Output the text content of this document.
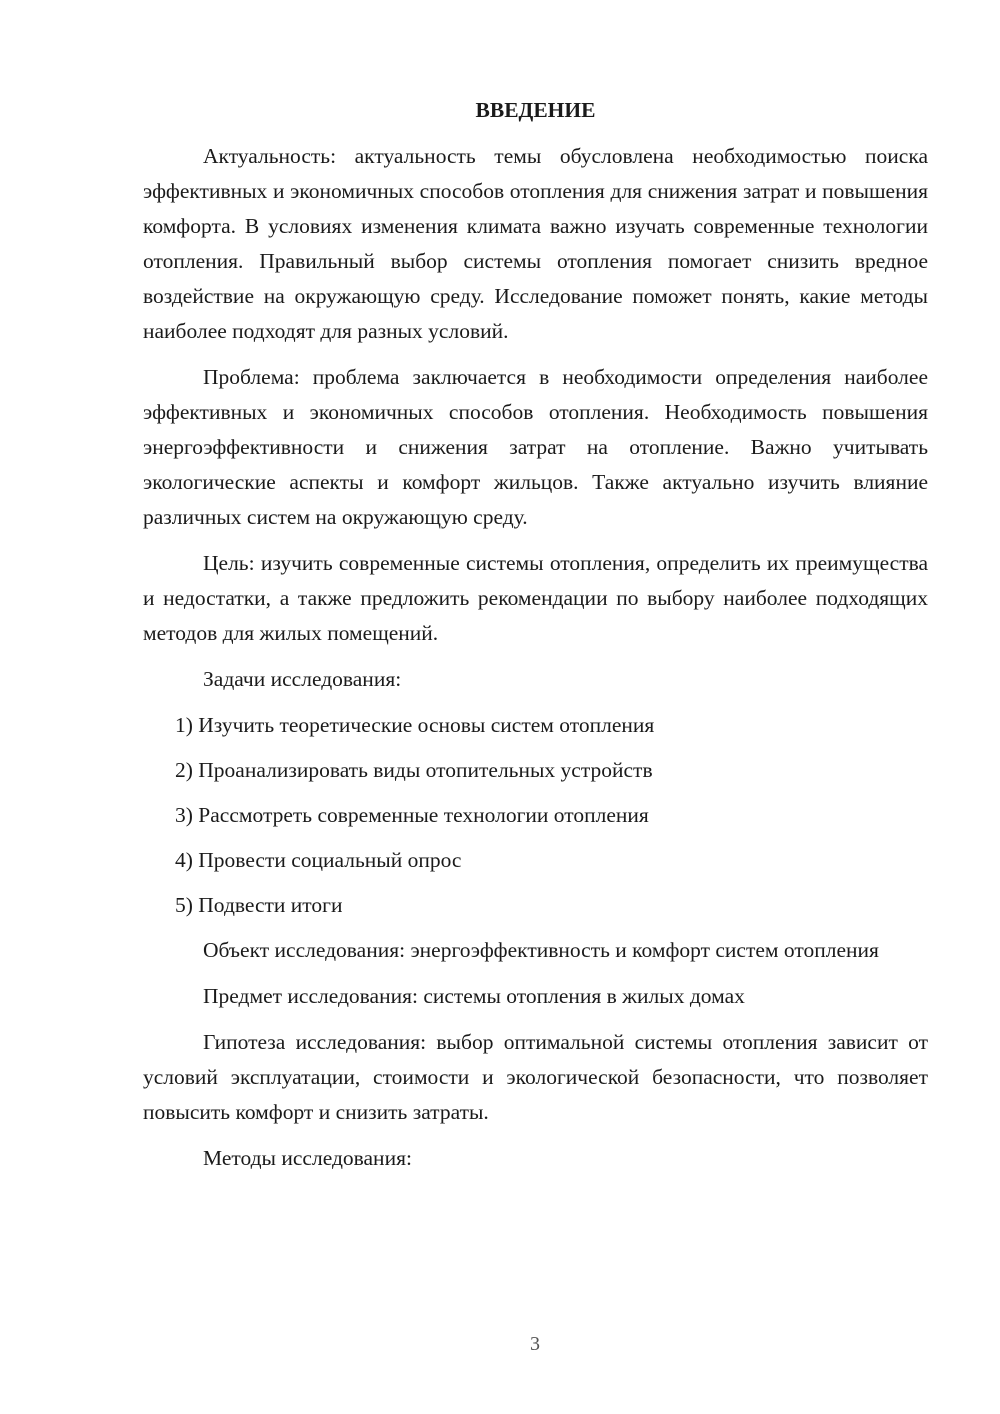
ВВЕДЕНИЕ

Актуальность: актуальность темы обусловлена необходимостью поиска эффективных и экономичных способов отопления для снижения затрат и повышения комфорта. В условиях изменения климата важно изучать современные технологии отопления. Правильный выбор системы отопления помогает снизить вредное воздействие на окружающую среду. Исследование поможет понять, какие методы наиболее подходят для разных условий.

Проблема: проблема заключается в необходимости определения наиболее эффективных и экономичных способов отопления. Необходимость повышения энергоэффективности и снижения затрат на отопление. Важно учитывать экологические аспекты и комфорт жильцов. Также актуально изучить влияние различных систем на окружающую среду.

Цель: изучить современные системы отопления, определить их преимущества и недостатки, а также предложить рекомендации по выбору наиболее подходящих методов для жилых помещений.

Задачи исследования:

1) Изучить теоретические основы систем отопления
2) Проанализировать виды отопительных устройств
3) Рассмотреть современные технологии отопления
4) Провести социальный опрос
5) Подвести итоги

Объект исследования: энергоэффективность и комфорт систем отопления

Предмет исследования: системы отопления в жилых домах

Гипотеза исследования: выбор оптимальной системы отопления зависит от условий эксплуатации, стоимости и экологической безопасности, что позволяет повысить комфорт и снизить затраты.

Методы исследования:

3
